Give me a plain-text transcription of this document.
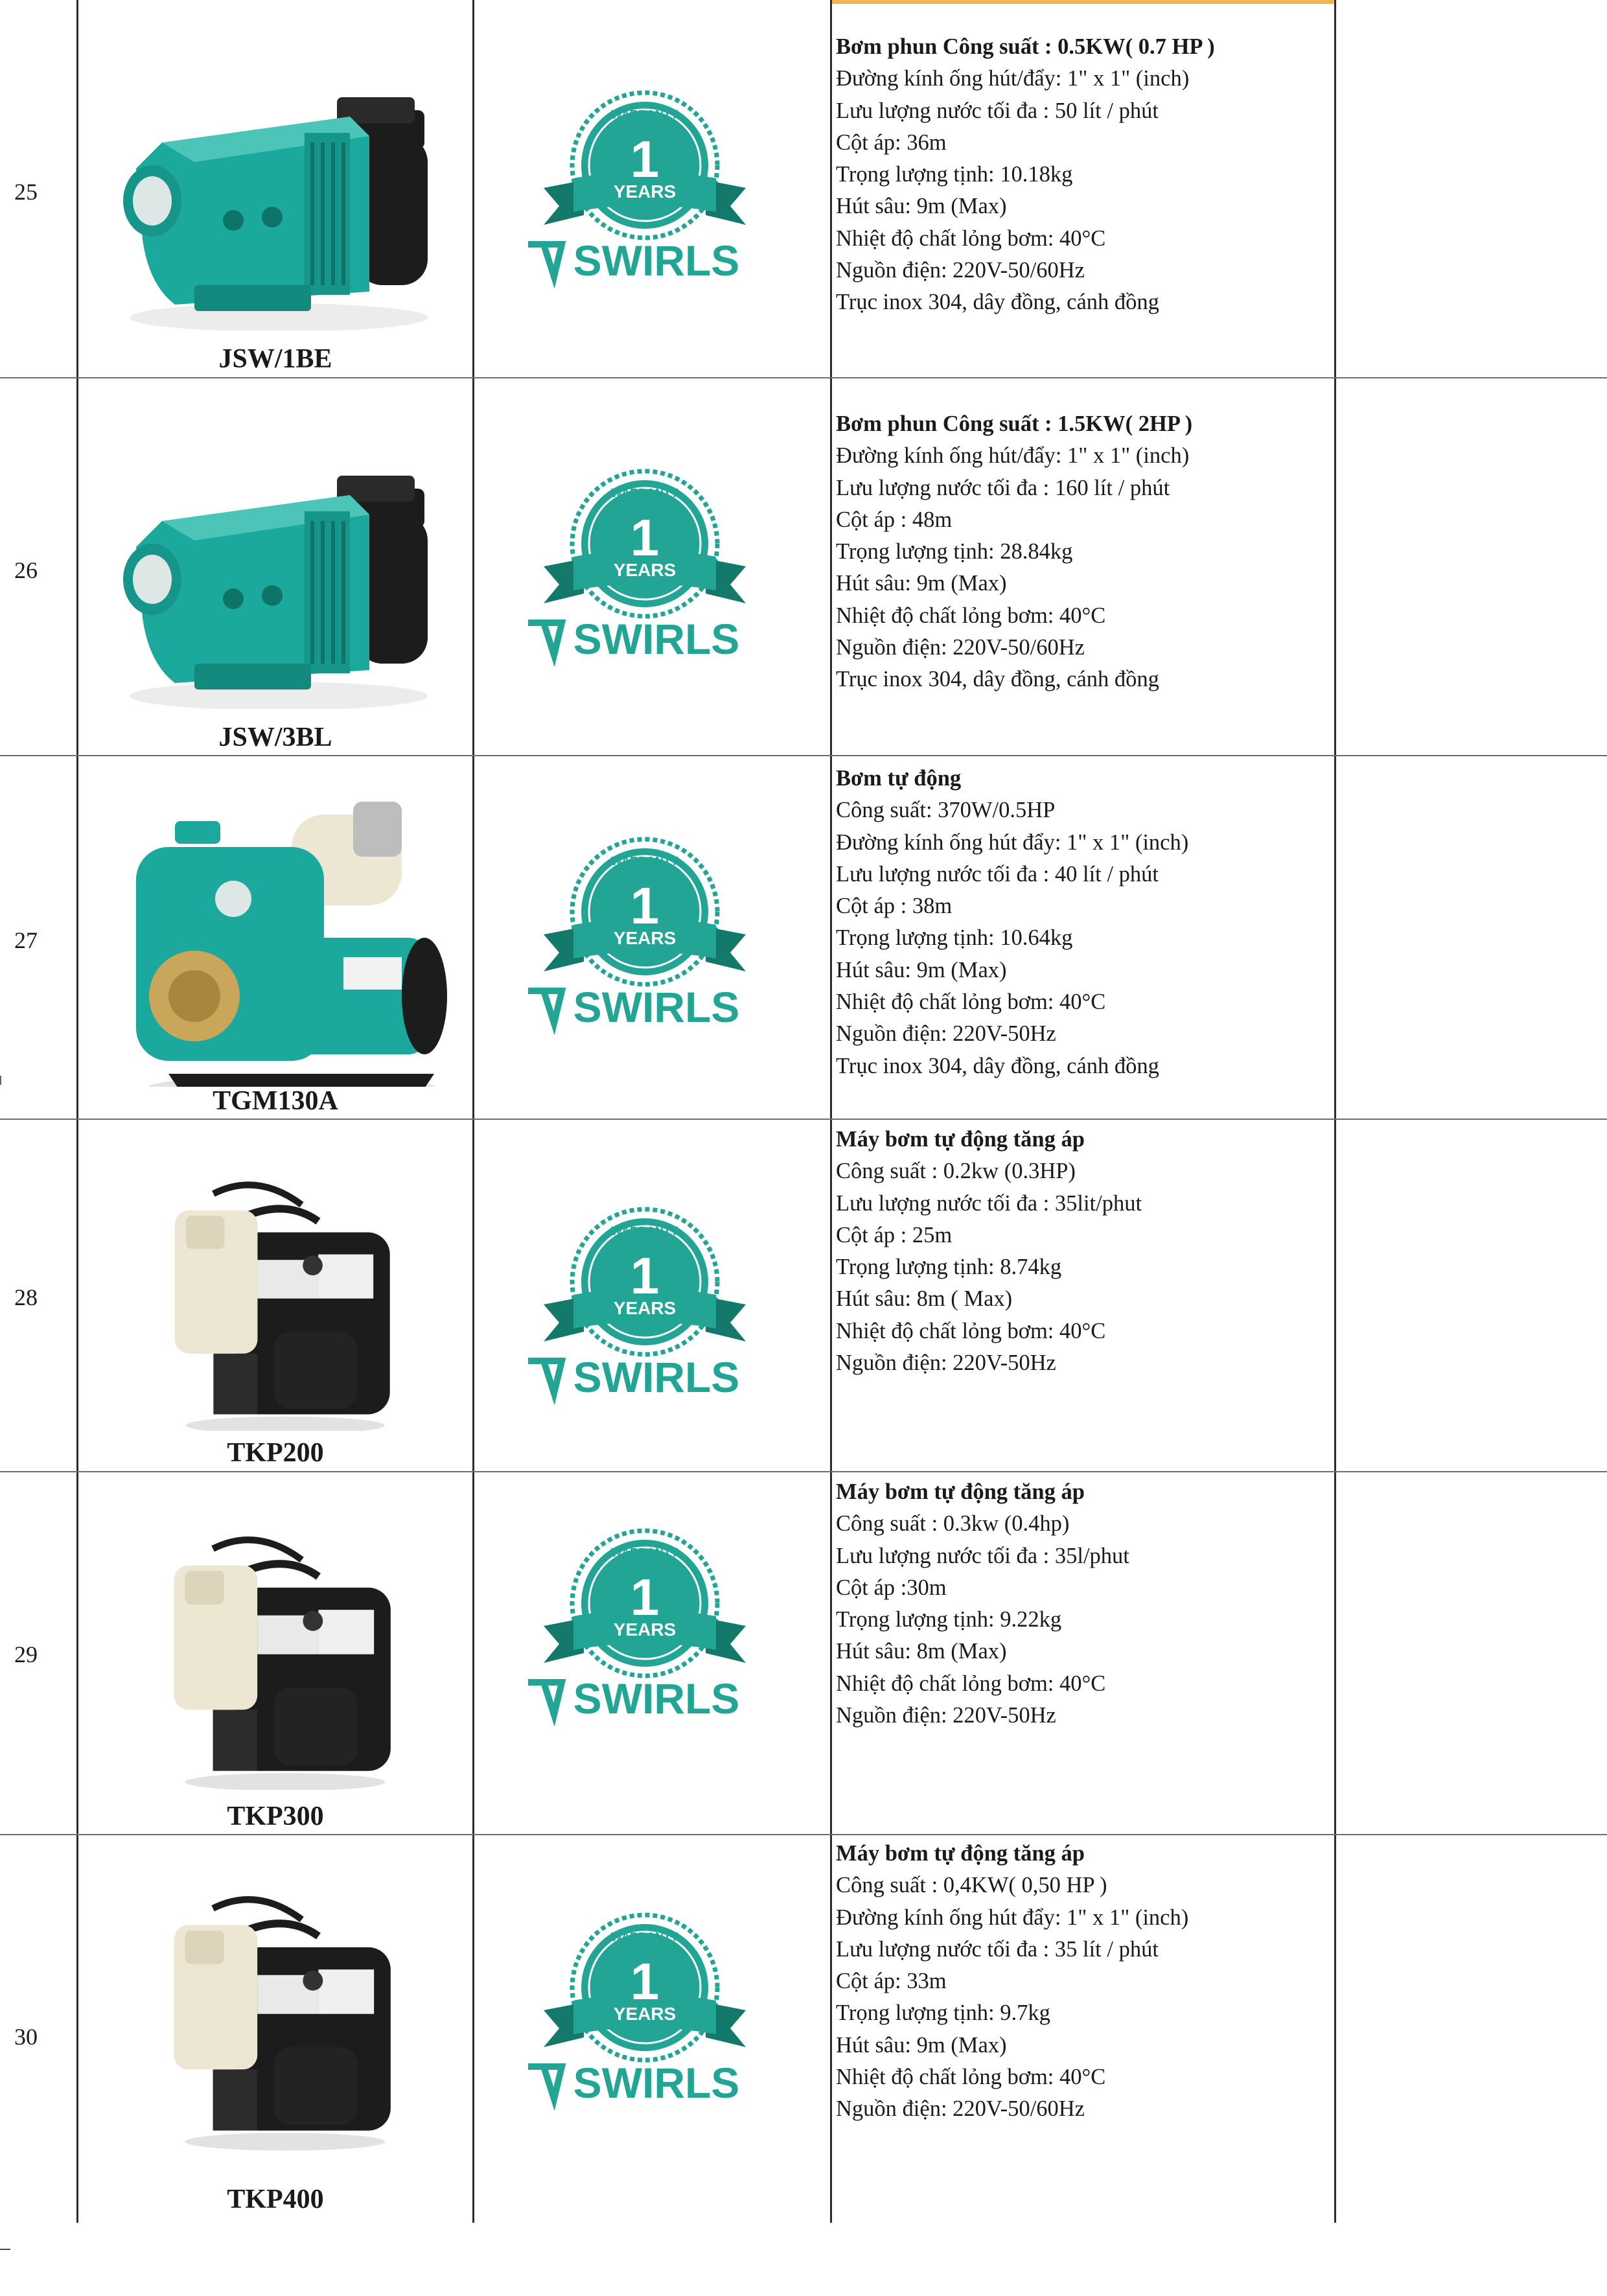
25
JSW/1BE
WARRANTY
1
YEARS
SWIRLS
Bơm phun Công suất : 0.5KW( 0.7 HP )
Đường kính ống hút/đẩy: 1" x 1" (inch)
Lưu lượng nước tối đa : 50 lít / phút
Cột áp: 36m
Trọng lượng tịnh: 10.18kg
Hút sâu: 9m (Max)
Nhiệt độ chất lỏng bơm: 40°C
Nguồn điện: 220V-50/60Hz
Trục inox 304, dây đồng, cánh đồng
26
JSW/3BL
WARRANTY
1
YEARS
SWIRLS
Bơm phun Công suất : 1.5KW( 2HP )
Đường kính ống hút/đẩy: 1" x 1" (inch)
Lưu lượng nước tối đa : 160 lít / phút
Cột áp : 48m
Trọng lượng tịnh: 28.84kg
Hút sâu: 9m (Max)
Nhiệt độ chất lỏng bơm: 40°C
Nguồn điện: 220V-50/60Hz
Trục inox 304, dây đồng, cánh đồng
27
TGM130A
WARRANTY
1
YEARS
SWIRLS
Bơm tự động
Công suất: 370W/0.5HP
Đường kính ống hút đẩy: 1" x 1" (inch)
Lưu lượng nước tối đa : 40 lít / phút
Cột áp : 38m
Trọng lượng tịnh: 10.64kg
Hút sâu: 9m (Max)
Nhiệt độ chất lỏng bơm: 40°C
Nguồn điện: 220V-50Hz
Trục inox 304, dây đồng, cánh đồng
28
TKP200
WARRANTY
1
YEARS
SWIRLS
Máy bơm tự động tăng áp
Công suất : 0.2kw (0.3HP)
Lưu lượng nước tối đa : 35lit/phut
Cột áp : 25m
Trọng lượng tịnh: 8.74kg
Hút sâu: 8m ( Max)
Nhiệt độ chất lỏng bơm: 40°C
Nguồn điện: 220V-50Hz
29
TKP300
WARRANTY
1
YEARS
SWIRLS
Máy bơm tự động tăng áp
Công suất : 0.3kw (0.4hp)
Lưu lượng nước tối đa : 35l/phut
Cột áp :30m
Trọng lượng tịnh: 9.22kg
Hút sâu: 8m (Max)
Nhiệt độ chất lỏng bơm: 40°C
Nguồn điện: 220V-50Hz
30
TKP400
WARRANTY
1
YEARS
SWIRLS
Máy bơm tự động tăng áp
Công suất : 0,4KW( 0,50 HP )
Đường kính ống hút đẩy: 1" x 1" (inch)
Lưu lượng nước tối đa : 35 lít / phút
Cột áp: 33m
Trọng lượng tịnh: 9.7kg
Hút sâu: 9m (Max)
Nhiệt độ chất lỏng bơm: 40°C
Nguồn điện: 220V-50/60Hz
